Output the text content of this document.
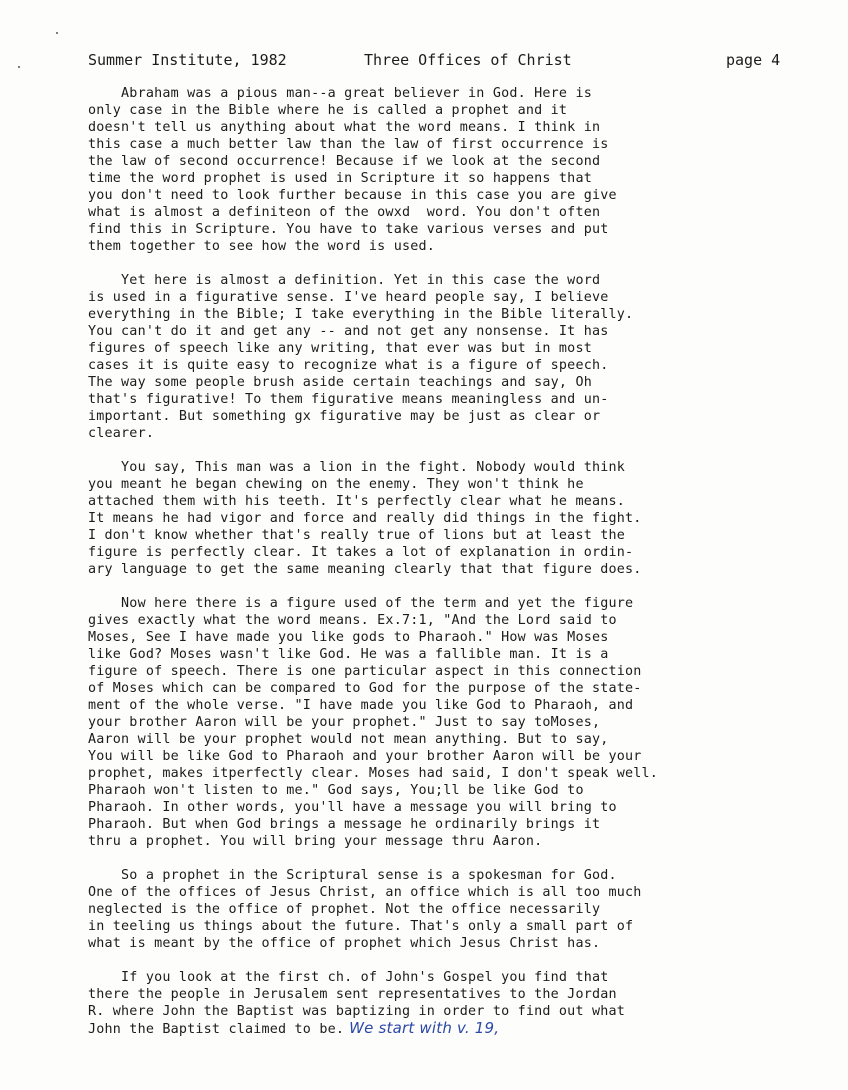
Summer Institute, 1982

	Three Offices of Christ

	page 4

Abraham was a pious man--a great believer in God. Here is
only case in the Bible where he is called a prophet and it
doesn't tell us anything about what the word means. I think in
this case a much better law than the law of first occurrence is
the law of second occurrence! Because if we look at the second
time the word prophet is used in Scripture it so happens that
you don't need to look further because in this case you are give
what is almost a definiteon of the owxd  word. You don't often
find this in Scripture. You have to take various verses and put
them together to see how the word is used.
Yet here is almost a definition. Yet in this case the word
is used in a figurative sense. I've heard people say, I believe
everything in the Bible; I take everything in the Bible literally.
You can't do it and get any -- and not get any nonsense. It has
figures of speech like any writing, that ever was but in most
cases it is quite easy to recognize what is a figure of speech.
The way some people brush aside certain teachings and say, Oh
that's figurative! To them figurative means meaningless and un-
important. But something gx figurative may be just as clear or
clearer.
You say, This man was a lion in the fight. Nobody would think
you meant he began chewing on the enemy. They won't think he
attached them with his teeth. It's perfectly clear what he means.
It means he had vigor and force and really did things in the fight.
I don't know whether that's really true of lions but at least the
figure is perfectly clear. It takes a lot of explanation in ordin-
ary language to get the same meaning clearly that that figure does.
Now here there is a figure used of the term and yet the figure
gives exactly what the word means. Ex.7:1, "And the Lord said to
Moses, See I have made you like gods to Pharaoh." How was Moses
like God? Moses wasn't like God. He was a fallible man. It is a
figure of speech. There is one particular aspect in this connection
of Moses which can be compared to God for the purpose of the state-
ment of the whole verse. "I have made you like God to Pharaoh, and
your brother Aaron will be your prophet." Just to say toMoses,
Aaron will be your prophet would not mean anything. But to say,
You will be like God to Pharaoh and your brother Aaron will be your
prophet, makes itperfectly clear. Moses had said, I don't speak well.
Pharaoh won't listen to me." God says, You;ll be like God to
Pharaoh. In other words, you'll have a message you will bring to
Pharaoh. But when God brings a message he ordinarily brings it
thru a prophet. You will bring your message thru Aaron.
So a prophet in the Scriptural sense is a spokesman for God.
One of the offices of Jesus Christ, an office which is all too much
neglected is the office of prophet. Not the office necessarily
in teeling us things about the future. That's only a small part of
what is meant by the office of prophet which Jesus Christ has.
If you look at the first ch. of John's Gospel you find that
there the people in Jerusalem sent representatives to the Jordan
R. where John the Baptist was baptizing in order to find out what
John the Baptist claimed to be. We start with v. 19,
